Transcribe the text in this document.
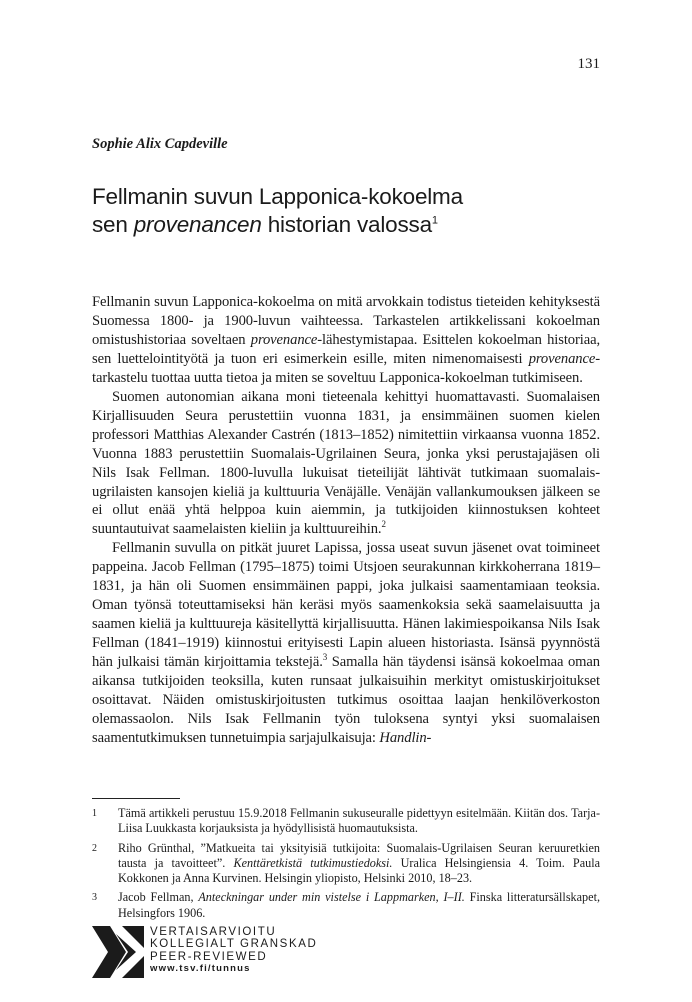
131
Sophie Alix Capdeville
Fellmanin suvun Lapponica-kokoelma
sen provenancen historian valossa$^1$

Fellmanin suvun Lapponica-kokoelma on mitä arvokkain todistus tieteiden kehityksestä Suomessa 1800- ja 1900-luvun vaihteessa. Tarkastelen artikkelissani kokoelman omistushistoriaa soveltaen provenance-lähestymistapaa. Esittelen kokoelman historiaa, sen luettelointityötä ja tuon eri esimerkein esille, miten nimenomaisesti provenance-tarkastelu tuottaa uutta tietoa ja miten se soveltuu Lapponica-kokoelman tutkimiseen.

Suomen autonomian aikana moni tieteenala kehittyi huomattavasti. Suomalaisen Kirjallisuuden Seura perustettiin vuonna 1831, ja ensimmäinen suomen kielen professori Matthias Alexander Castrén (1813–1852) nimitettiin virkaansa vuonna 1852. Vuonna 1883 perustettiin Suomalais-Ugrilainen Seura, jonka yksi perustajajäsen oli Nils Isak Fellman. 1800-luvulla lukuisat tieteilijät lähtivät tutkimaan suomalais-ugrilaisten kansojen kieliä ja kulttuuria Venäjälle. Venäjän vallankumouksen jälkeen se ei ollut enää yhtä helppoa kuin aiemmin, ja tutkijoiden kiinnostuksen kohteet suuntautuivat saamelaisten kieliin ja kulttuureihin.$^2$

Fellmanin suvulla on pitkät juuret Lapissa, jossa useat suvun jäsenet ovat toimineet pappeina. Jacob Fellman (1795–1875) toimi Utsjoen seurakunnan kirkkoherrana 1819–1831, ja hän oli Suomen ensimmäinen pappi, joka julkaisi saamentamiaan teoksia. Oman työnsä toteuttamiseksi hän keräsi myös saamenkoksia sekä saamelaisuutta ja saamen kieliä ja kulttuureja käsitellyttä kirjallisuutta. Hänen lakimiespoikansa Nils Isak Fellman (1841–1919) kiinnostui erityisesti Lapin alueen historiasta. Isänsä pyynnöstä hän julkaisi tämän kirjoittamia tekstejä.$^3$ Samalla hän täydensi isänsä kokoelmaa oman aikansa tutkijoiden teoksilla, kuten runsaat julkaisuihin merkityt omistuskirjoitukset osoittavat. Näiden omistuskirjoitusten tutkimus osoittaa laajan henkilöverkoston olemassaolon. Nils Isak Fellmanin työn tuloksena syntyi yksi suomalaisen saamentutkimuksen tunnetuimpia sarjajulkaisuja: Handlin-

1	Tämä artikkeli perustuu 15.9.2018 Fellmanin sukuseuralle pidettyyn esitelmään. Kiitän dos. Tarja-Liisa Luukkasta korjauksista ja hyödyllisistä huomautuksista.
2	Riho Grünthal, ”Matkueita tai yksityisiä tutkijoita: Suomalais-Ugrilaisen Seuran keruuretkien tausta ja tavoitteet”. Kenttäretkistä tutkimustiedoksi. Uralica Helsingiensia 4. Toim. Paula Kokkonen ja Anna Kurvinen. Helsingin yliopisto, Helsinki 2010, 18–23.
3	Jacob Fellman, Anteckningar under min vistelse i Lappmarken, I–II. Finska litteratursällskapet, Helsingfors 1906.
VERTAISARVIOITU
KOLLEGIALT GRANSKAD
PEER-REVIEWED
www.tsv.fi/tunnus
